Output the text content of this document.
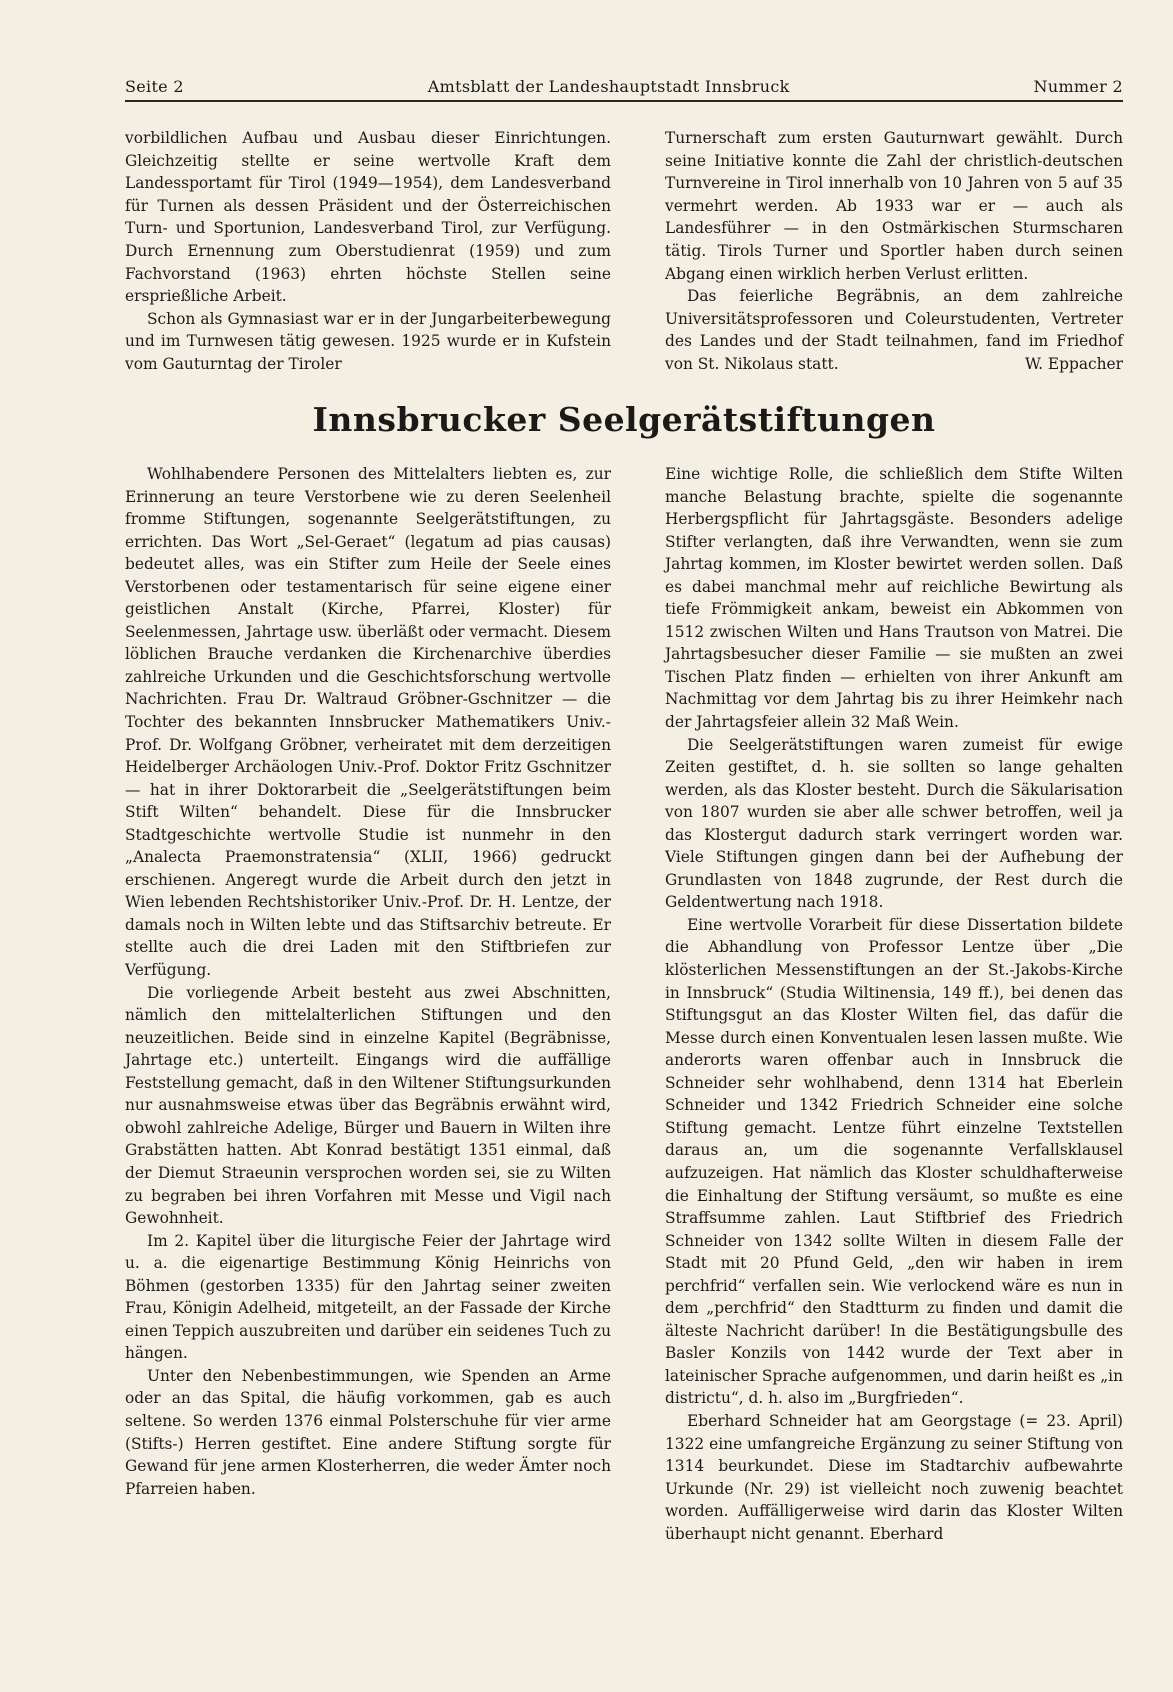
Seite 2	Amtsblatt der Landeshauptstadt Innsbruck	Nummer 2

vorbildlichen Aufbau und Ausbau dieser Einrichtungen. Gleichzeitig stellte er seine wertvolle Kraft dem Landessportamt für Tirol (1949—1954), dem Landesverband für Turnen als dessen Präsident und der Österreichischen Turn- und Sportunion, Landesverband Tirol, zur Verfügung. Durch Ernennung zum Oberstudienrat (1959) und zum Fachvorstand (1963) ehrten höchste Stellen seine ersprießliche Arbeit.

Schon als Gymnasiast war er in der Jungarbeiterbewegung und im Turnwesen tätig gewesen. 1925 wurde er in Kufstein vom Gauturntag der Tiroler

Turnerschaft zum ersten Gauturnwart gewählt. Durch seine Initiative konnte die Zahl der christlich-deutschen Turnvereine in Tirol innerhalb von 10 Jahren von 5 auf 35 vermehrt werden. Ab 1933 war er — auch als Landesführer — in den Ostmärkischen Sturmscharen tätig. Tirols Turner und Sportler haben durch seinen Abgang einen wirklich herben Verlust erlitten.

Das feierliche Begräbnis, an dem zahlreiche Universitätsprofessoren und Coleurstudenten, Vertreter des Landes und der Stadt teilnahmen, fand im Friedhof von St. Nikolaus statt.	W. Eppacher

Innsbrucker Seelgerätstiftungen

Wohlhabendere Personen des Mittelalters liebten es, zur Erinnerung an teure Verstorbene wie zu deren Seelenheil fromme Stiftungen, sogenannte Seelgerätstiftungen, zu errichten. Das Wort „Sel-Geraet“ (legatum ad pias causas) bedeutet alles, was ein Stifter zum Heile der Seele eines Verstorbenen oder testamentarisch für seine eigene einer geistlichen Anstalt (Kirche, Pfarrei, Kloster) für Seelenmessen, Jahrtage usw. überläßt oder vermacht. Diesem löblichen Brauche verdanken die Kirchenarchive überdies zahlreiche Urkunden und die Geschichtsforschung wertvolle Nachrichten. Frau Dr. Waltraud Gröbner-Gschnitzer — die Tochter des bekannten Innsbrucker Mathematikers Univ.-Prof. Dr. Wolfgang Gröbner, verheiratet mit dem derzeitigen Heidelberger Archäologen Univ.-Prof. Doktor Fritz Gschnitzer — hat in ihrer Doktorarbeit die „Seelgerätstiftungen beim Stift Wilten“ behandelt. Diese für die Innsbrucker Stadtgeschichte wertvolle Studie ist nunmehr in den „Analecta Praemonstratensia“ (XLII, 1966) gedruckt erschienen. Angeregt wurde die Arbeit durch den jetzt in Wien lebenden Rechtshistoriker Univ.-Prof. Dr. H. Lentze, der damals noch in Wilten lebte und das Stiftsarchiv betreute. Er stellte auch die drei Laden mit den Stiftbriefen zur Verfügung.

Die vorliegende Arbeit besteht aus zwei Abschnitten, nämlich den mittelalterlichen Stiftungen und den neuzeitlichen. Beide sind in einzelne Kapitel (Begräbnisse, Jahrtage etc.) unterteilt. Eingangs wird die auffällige Feststellung gemacht, daß in den Wiltener Stiftungsurkunden nur ausnahmsweise etwas über das Begräbnis erwähnt wird, obwohl zahlreiche Adelige, Bürger und Bauern in Wilten ihre Grabstätten hatten. Abt Konrad bestätigt 1351 einmal, daß der Diemut Straeunin versprochen worden sei, sie zu Wilten zu begraben bei ihren Vorfahren mit Messe und Vigil nach Gewohnheit.

Im 2. Kapitel über die liturgische Feier der Jahrtage wird u. a. die eigenartige Bestimmung König Heinrichs von Böhmen (gestorben 1335) für den Jahrtag seiner zweiten Frau, Königin Adelheid, mitgeteilt, an der Fassade der Kirche einen Teppich auszubreiten und darüber ein seidenes Tuch zu hängen.

Unter den Nebenbestimmungen, wie Spenden an Arme oder an das Spital, die häufig vorkommen, gab es auch seltene. So werden 1376 einmal Polsterschuhe für vier arme (Stifts-) Herren gestiftet. Eine andere Stiftung sorgte für Gewand für jene armen Klosterherren, die weder Ämter noch Pfarreien haben.

Eine wichtige Rolle, die schließlich dem Stifte Wilten manche Belastung brachte, spielte die sogenannte Herbergspflicht für Jahrtagsgäste. Besonders adelige Stifter verlangten, daß ihre Verwandten, wenn sie zum Jahrtag kommen, im Kloster bewirtet werden sollen. Daß es dabei manchmal mehr auf reichliche Bewirtung als tiefe Frömmigkeit ankam, beweist ein Abkommen von 1512 zwischen Wilten und Hans Trautson von Matrei. Die Jahrtagsbesucher dieser Familie — sie mußten an zwei Tischen Platz finden — erhielten von ihrer Ankunft am Nachmittag vor dem Jahrtag bis zu ihrer Heimkehr nach der Jahrtagsfeier allein 32 Maß Wein.

Die Seelgerätstiftungen waren zumeist für ewige Zeiten gestiftet, d. h. sie sollten so lange gehalten werden, als das Kloster besteht. Durch die Säkularisation von 1807 wurden sie aber alle schwer betroffen, weil ja das Klostergut dadurch stark verringert worden war. Viele Stiftungen gingen dann bei der Aufhebung der Grundlasten von 1848 zugrunde, der Rest durch die Geldentwertung nach 1918.

Eine wertvolle Vorarbeit für diese Dissertation bildete die Abhandlung von Professor Lentze über „Die klösterlichen Messenstiftungen an der St.-Jakobs-Kirche in Innsbruck“ (Studia Wiltinensia, 149 ff.), bei denen das Stiftungsgut an das Kloster Wilten fiel, das dafür die Messe durch einen Konventualen lesen lassen mußte. Wie anderorts waren offenbar auch in Innsbruck die Schneider sehr wohlhabend, denn 1314 hat Eberlein Schneider und 1342 Friedrich Schneider eine solche Stiftung gemacht. Lentze führt einzelne Textstellen daraus an, um die sogenannte Verfallsklausel aufzuzeigen. Hat nämlich das Kloster schuldhafterweise die Einhaltung der Stiftung versäumt, so mußte es eine Straffsumme zahlen. Laut Stiftbrief des Friedrich Schneider von 1342 sollte Wilten in diesem Falle der Stadt mit 20 Pfund Geld, „den wir haben in irem perchfrid“ verfallen sein. Wie verlockend wäre es nun in dem „perchfrid“ den Stadtturm zu finden und damit die älteste Nachricht darüber! In die Bestätigungsbulle des Basler Konzils von 1442 wurde der Text aber in lateinischer Sprache aufgenommen, und darin heißt es „in districtu“, d. h. also im „Burgfrieden“.

Eberhard Schneider hat am Georgstage (= 23. April) 1322 eine umfangreiche Ergänzung zu seiner Stiftung von 1314 beurkundet. Diese im Stadtarchiv aufbewahrte Urkunde (Nr. 29) ist vielleicht noch zuwenig beachtet worden. Auffälligerweise wird darin das Kloster Wilten überhaupt nicht genannt. Eberhard
